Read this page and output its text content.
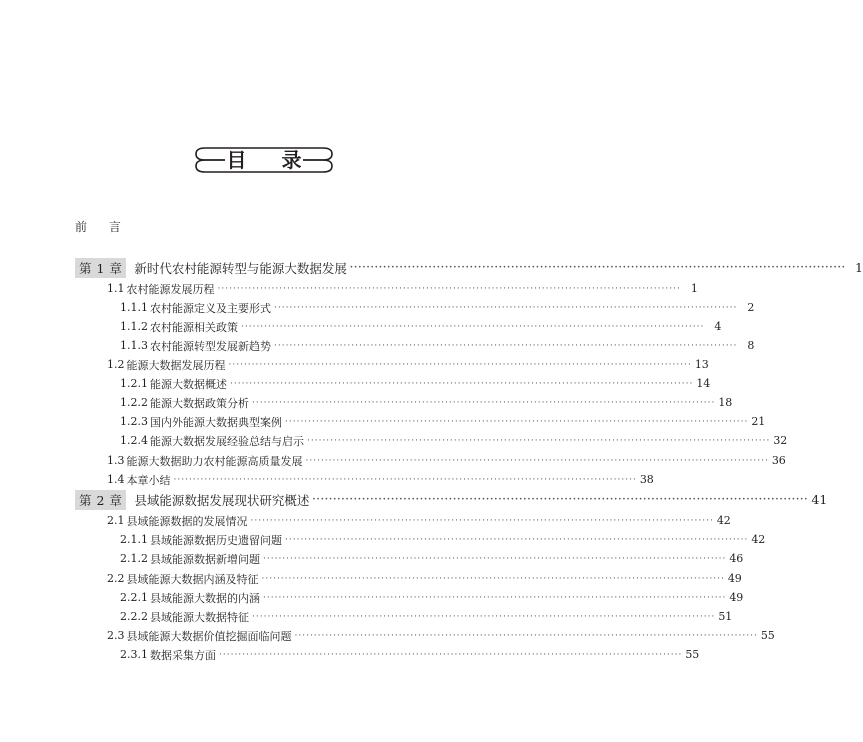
目 录
前 言
第 1 章 新时代农村能源转型与能源大数据发展 ························································································································ 1
1.1 农村能源发展历程 ························································································································ 1
1.1.1 农村能源定义及主要形式 ························································································································ 2
1.1.2 农村能源相关政策 ························································································································ 4
1.1.3 农村能源转型发展新趋势 ························································································································ 8
1.2 能源大数据发展历程 ························································································································ 13
1.2.1 能源大数据概述 ························································································································ 14
1.2.2 能源大数据政策分析 ························································································································ 18
1.2.3 国内外能源大数据典型案例 ························································································································ 21
1.2.4 能源大数据发展经验总结与启示 ························································································································ 32
1.3 能源大数据助力农村能源高质量发展 ························································································································ 36
1.4 本章小结 ························································································································ 38
第 2 章 县域能源数据发展现状研究概述 ························································································································ 41
2.1 县域能源数据的发展情况 ························································································································ 42
2.1.1 县域能源数据历史遗留问题 ························································································································ 42
2.1.2 县域能源数据新增问题 ························································································································ 46
2.2 县域能源大数据内涵及特征 ························································································································ 49
2.2.1 县域能源大数据的内涵 ························································································································ 49
2.2.2 县域能源大数据特征 ························································································································ 51
2.3 县域能源大数据价值挖掘面临问题 ························································································································ 55
2.3.1 数据采集方面 ························································································································ 55
